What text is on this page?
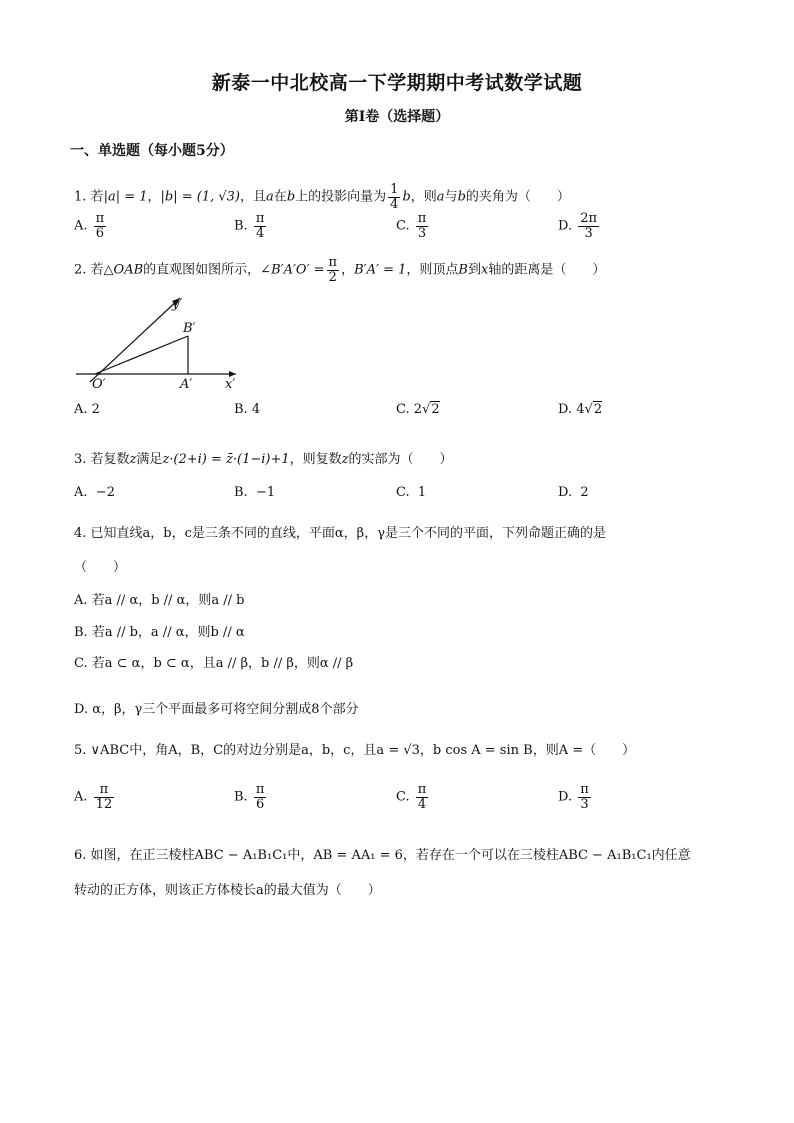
新泰一中北校高一下学期期中考试数学试题
第Ⅰ卷（选择题）
一、单选题（每小题5分）
1. 若|a| = 1，|b| = (1, √3)，且a在b上的投影向量为 $\frac{1}{4}$ b，则a与b的夹角为（　　）
A. $\frac{\pi}{6}$	B. $\frac{\pi}{4}$	C. $\frac{\pi}{3}$	D. $\frac{2\pi}{3}$
2. 若△OAB的直观图如图所示，∠B′A′O′ = $\frac{\pi}{2}$ ，B′A′ = 1，则顶点B到x轴的距离是（　　）
y′
B′
O′	A′	x′
A. 2	B. 4	C. 2√2	D. 4√2
3. 若复数z满足z·(2+i) = z̄·(1−i)+1，则复数z的实部为（　　）
A. −2	B. −1	C. 1	D. 2
4. 已知直线a，b，c是三条不同的直线，平面α，β，γ是三个不同的平面，下列命题正确的是
（　　）
A. 若a // α，b // α，则a // b
B. 若a // b，a // α，则b // α
C. 若a ⊂ α，b ⊂ α，且a // β，b // β，则α // β
D. α，β，γ三个平面最多可将空间分割成8个部分
5. ∨ABC中，角A，B，C的对边分别是a，b，c，且a = √3，b cos A = sin B，则A =（　　）
A. $\frac{\pi}{12}$	B. $\frac{\pi}{6}$	C. $\frac{\pi}{4}$	D. $\frac{\pi}{3}$
6. 如图，在正三棱柱ABC − A₁B₁C₁中，AB = AA₁ = 6，若存在一个可以在三棱柱ABC − A₁B₁C₁内任意
转动的正方体，则该正方体棱长a的最大值为（　　）
